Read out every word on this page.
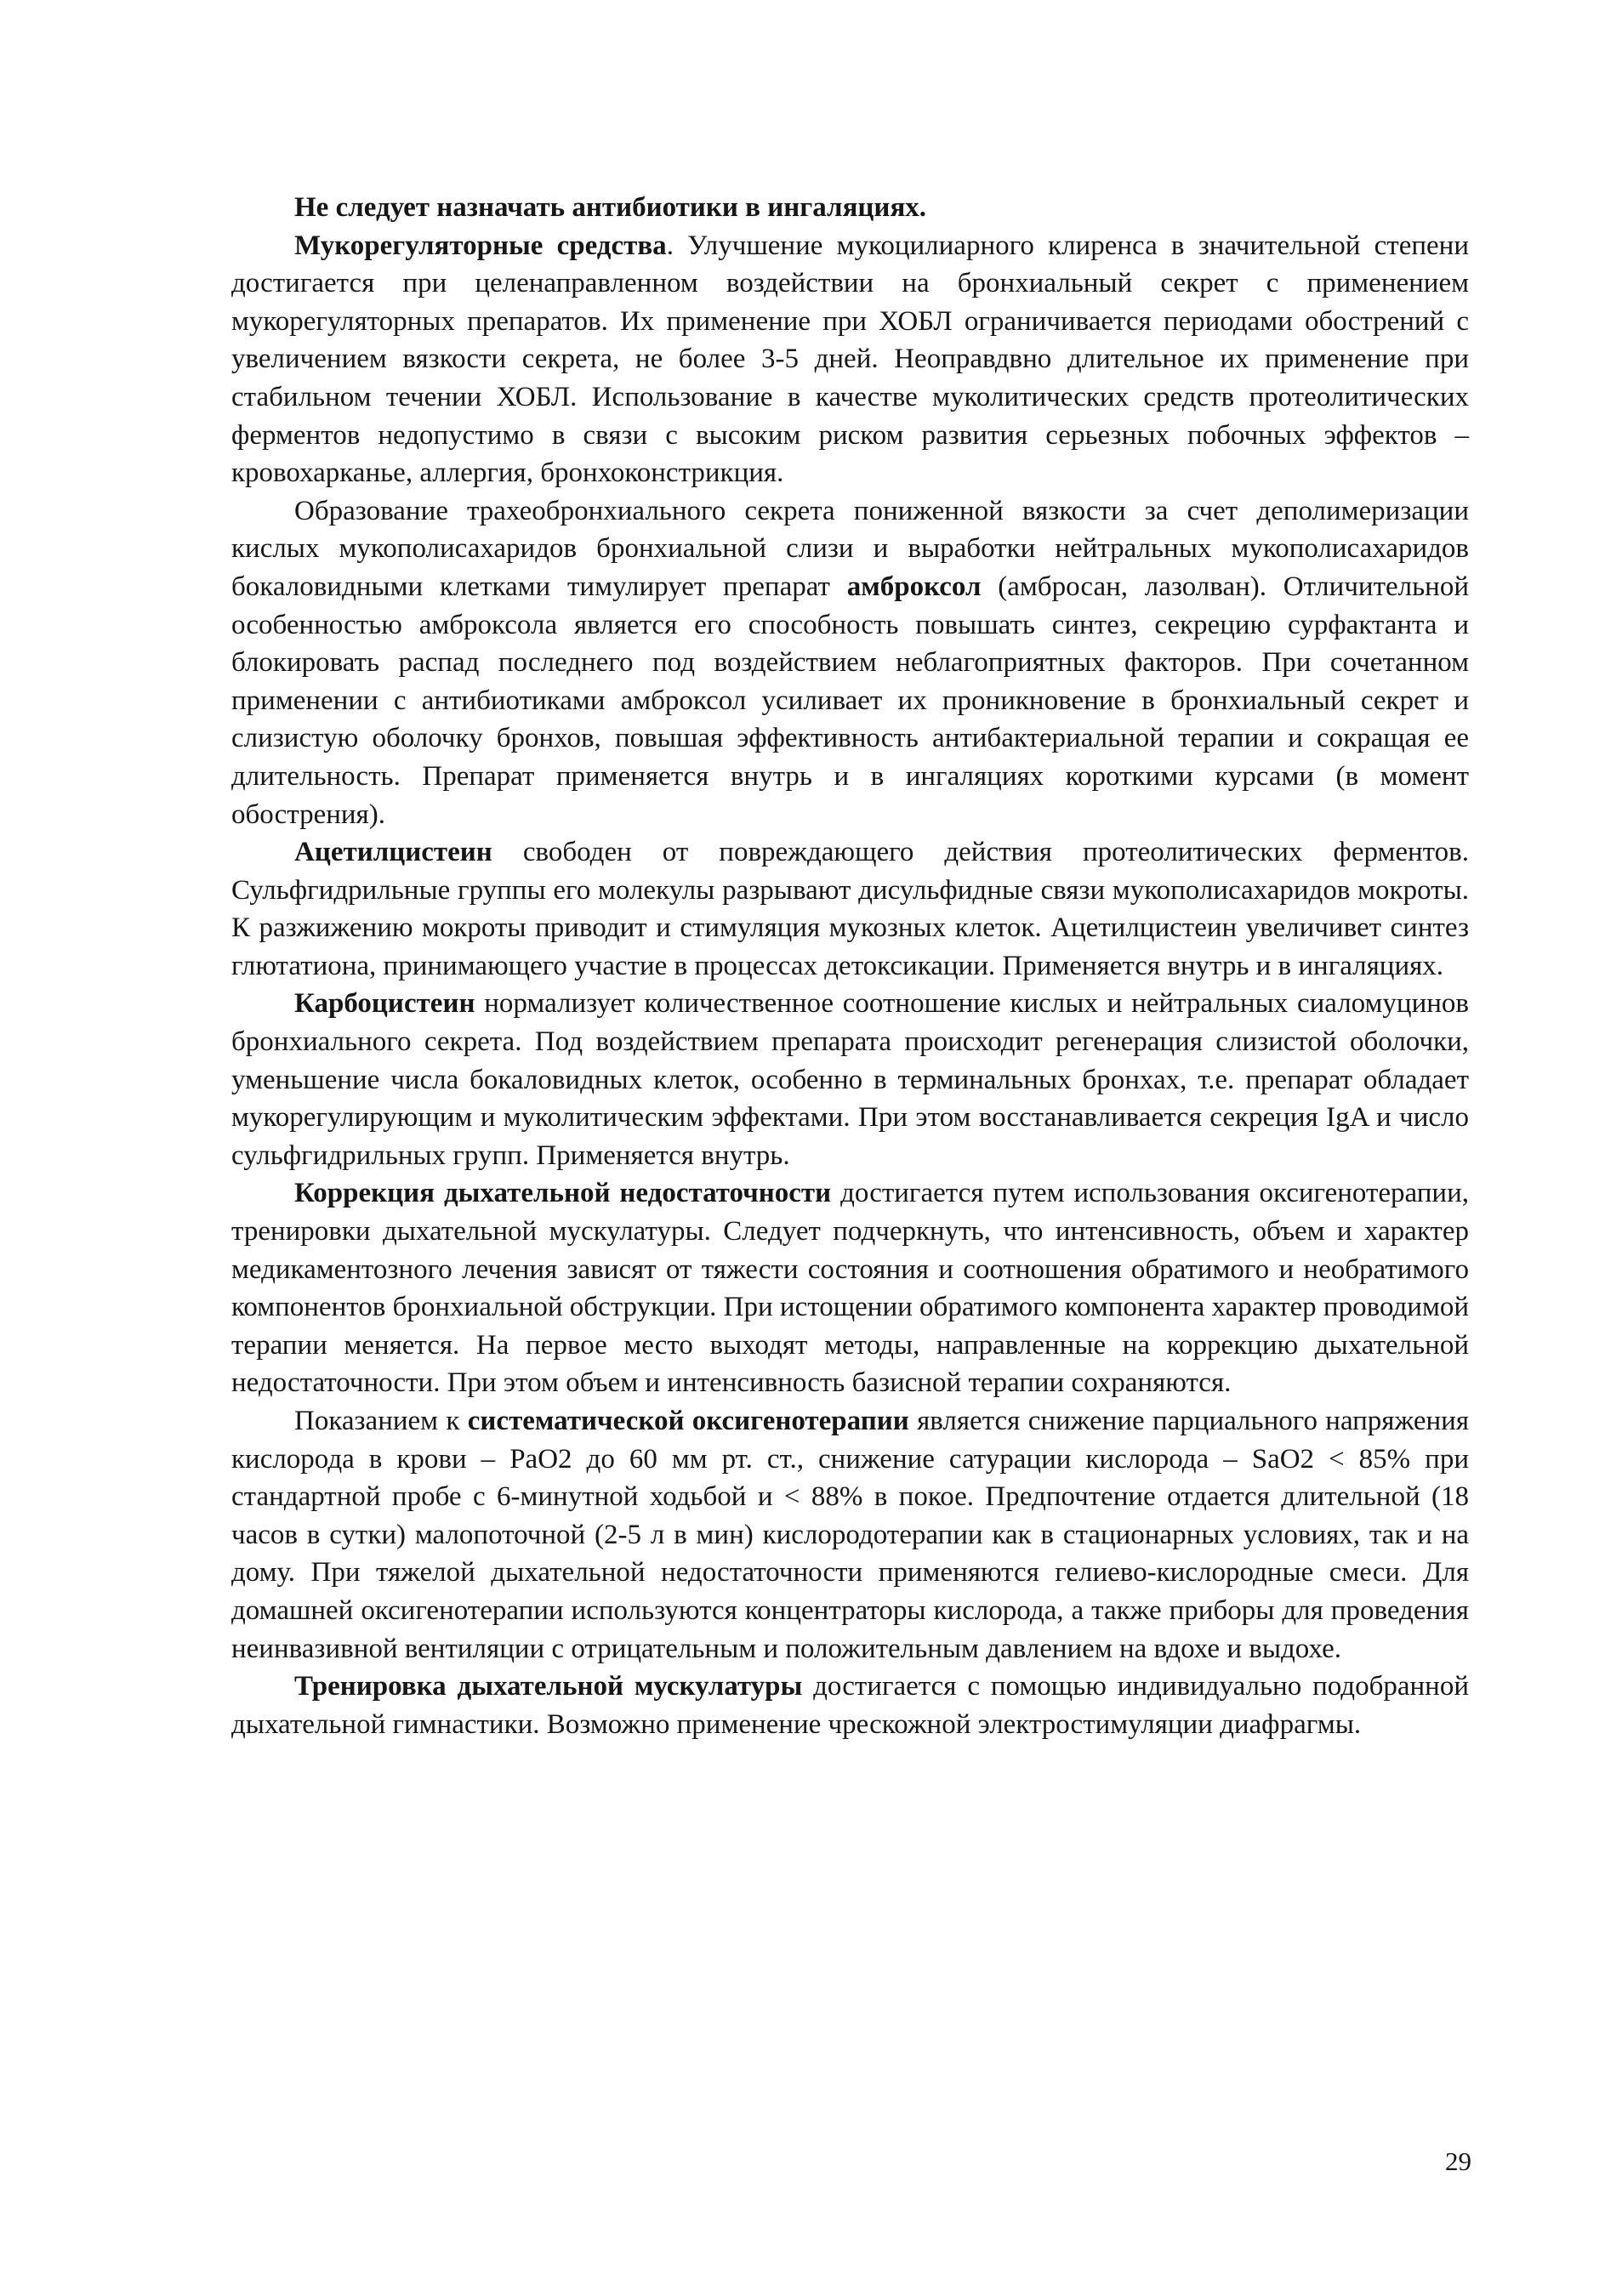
Не следует назначать антибиотики в ингаляциях.

Мукорегуляторные средства. Улучшение мукоцилиарного клиренса в значительной степени достигается при целенаправленном воздействии на бронхиальный секрет с применением мукорегуляторных препаратов. Их применение при ХОБЛ ограничивается периодами обострений с увеличением вязкости секрета, не более 3-5 дней. Неоправдвно длительное их применение при стабильном течении ХОБЛ. Использование в качестве муколитических средств протеолитических ферментов недопустимо в связи с высоким риском развития серьезных побочных эффектов – кровохарканье, аллергия, бронхоконстрикция.

Образование трахеобронхиального секрета пониженной вязкости за счет деполимеризации кислых мукополисахаридов бронхиальной слизи и выработки нейтральных мукополисахаридов бокаловидными клетками тимулирует препарат амброксол (амбросан, лазолван). Отличительной особенностью амброксола является его способность повышать синтез, секрецию сурфактанта и блокировать распад последнего под воздействием неблагоприятных факторов. При сочетанном применении с антибиотиками амброксол усиливает их проникновение в бронхиальный секрет и слизистую оболочку бронхов, повышая эффективность антибактериальной терапии и сокращая ее длительность. Препарат применяется внутрь и в ингаляциях короткими курсами (в момент обострения).

Ацетилцистеин свободен от повреждающего действия протеолитических ферментов. Сульфгидрильные группы его молекулы разрывают дисульфидные связи мукополисахаридов мокроты. К разжижению мокроты приводит и стимуляция мукозных клеток. Ацетилцистеин увеличивет синтез глютатиона, принимающего участие в процессах детоксикации. Применяется внутрь и в ингаляциях.

Карбоцистеин нормализует количественное соотношение кислых и нейтральных сиаломуцинов бронхиального секрета. Под воздействием препарата происходит регенерация слизистой оболочки, уменьшение числа бокаловидных клеток, особенно в терминальных бронхах, т.е. препарат обладает мукорегулирующим и муколитическим эффектами. При этом восстанавливается секреция IgA и число сульфгидрильных групп. Применяется внутрь.

Коррекция дыхательной недостаточности достигается путем использования оксигенотерапии, тренировки дыхательной мускулатуры. Следует подчеркнуть, что интенсивность, объем и характер медикаментозного лечения зависят от тяжести состояния и соотношения обратимого и необратимого компонентов бронхиальной обструкции. При истощении обратимого компонента характер проводимой терапии меняется. На первое место выходят методы, направленные на коррекцию дыхательной недостаточности. При этом объем и интенсивность базисной терапии сохраняются.

Показанием к систематической оксигенотерапии является снижение парциального напряжения кислорода в крови – РаО2 до 60 мм рт. ст., снижение сатурации кислорода – SaO2 < 85% при стандартной пробе с 6-минутной ходьбой и < 88% в покое. Предпочтение отдается длительной (18 часов в сутки) малопоточной (2-5 л в мин) кислородотерапии как в стационарных условиях, так и на дому. При тяжелой дыхательной недостаточности применяются гелиево-кислородные смеси. Для домашней оксигенотерапии используются концентраторы кислорода, а также приборы для проведения неинвазивной вентиляции с отрицательным и положительным давлением на вдохе и выдохе.

Тренировка дыхательной мускулатуры достигается с помощью индивидуально подобранной дыхательной гимнастики. Возможно применение чрескожной электростимуляции диафрагмы.

29
